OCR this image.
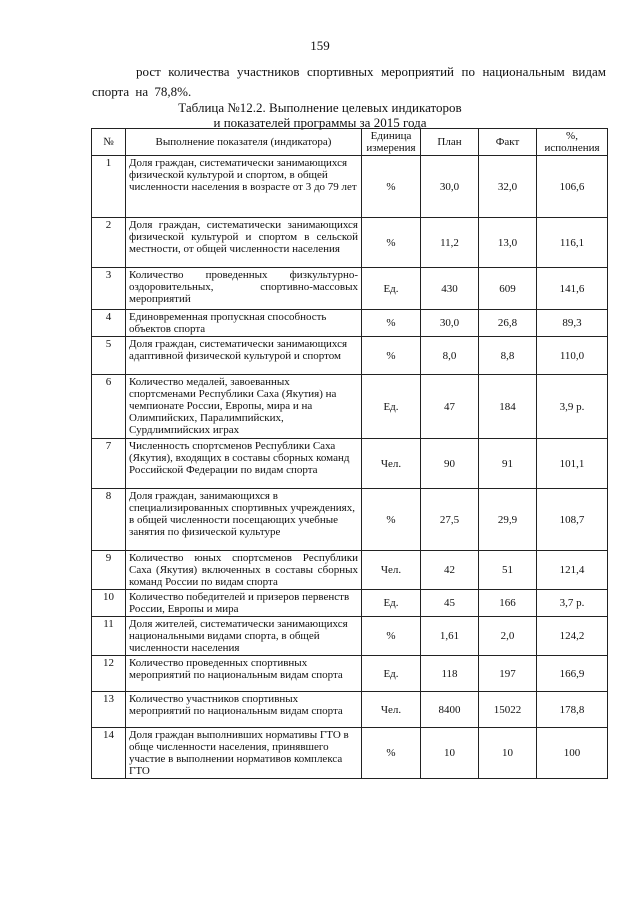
159
рост количества участников спортивных мероприятий по национальным видам спорта на 78,8%.
Таблица №12.2. Выполнение целевых индикаторов
и показателей программы за 2015 года
№	Выполнение показателя (индикатора)	Единица измерения	План	Факт	%, исполнения
1	Доля граждан, систематически занимающихся физической культурой и спортом, в общей численности населения в возрасте от 3 до 79 лет	%	30,0	32,0	106,6
2	Доля граждан, систематически занимающихся физической культурой и спортом в сельской местности, от общей численности населения	%	11,2	13,0	116,1
3	Количество проведенных физкультурно-оздоровительных, спортивно-массовых мероприятий	Ед.	430	609	141,6
4	Единовременная пропускная способность объектов спорта	%	30,0	26,8	89,3
5	Доля граждан, систематически занимающихся адаптивной физической культурой и спортом	%	8,0	8,8	110,0
6	Количество медалей, завоеванных спортсменами Республики Саха (Якутия) на чемпионате России, Европы, мира и на Олимпийских, Паралимпийских, Сурдлимпийских играх	Ед.	47	184	3,9 р.
7	Численность спортсменов Республики Саха (Якутия), входящих в составы сборных команд Российской Федерации по видам спорта	Чел.	90	91	101,1
8	Доля граждан, занимающихся в специализированных спортивных учреждениях, в общей численности посещающих учебные занятия по физической культуре	%	27,5	29,9	108,7
9	Количество юных спортсменов Республики Саха (Якутия) включенных в составы сборных команд России по видам спорта	Чел.	42	51	121,4
10	Количество победителей и призеров первенств России, Европы и мира	Ед.	45	166	3,7 р.
11	Доля жителей, систематически занимающихся национальными видами спорта, в общей численности населения	%	1,61	2,0	124,2
12	Количество проведенных спортивных мероприятий по национальным видам спорта	Ед.	118	197	166,9
13	Количество участников спортивных мероприятий по национальным видам спорта	Чел.	8400	15022	178,8
14	Доля граждан выполнивших нормативы ГТО в обще численности населения, принявшего участие в выполнении нормативов комплекса ГТО	%	10	10	100
